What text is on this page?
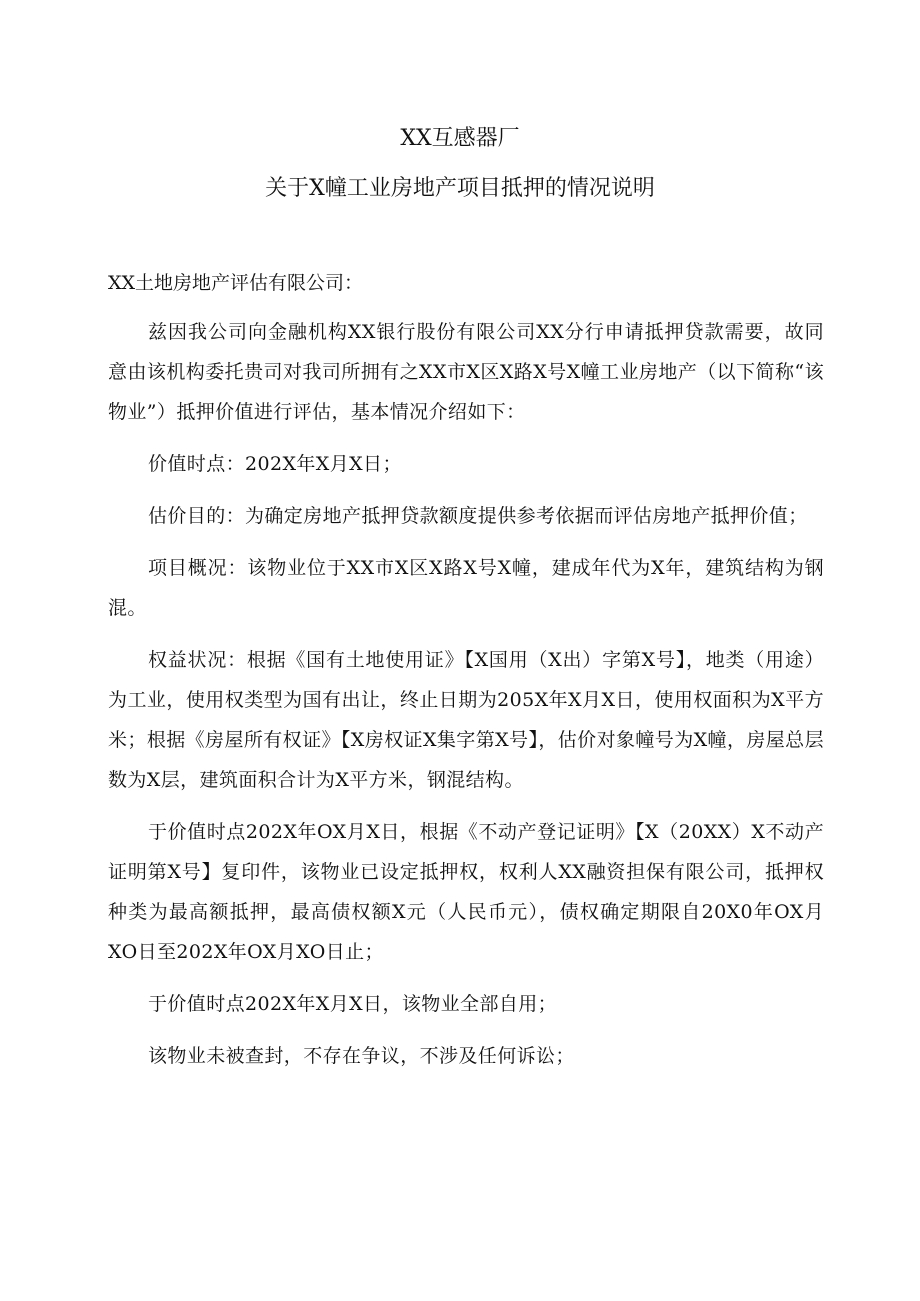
XX互感器厂
关于X幢工业房地产项目抵押的情况说明
XX土地房地产评估有限公司：

兹因我公司向金融机构XX银行股份有限公司XX分行申请抵押贷款需要，故同意由该机构委托贵司对我司所拥有之XX市X区X路X号X幢工业房地产（以下简称“该物业”）抵押价值进行评估，基本情况介绍如下：

价值时点：202X年X月X日；

估价目的：为确定房地产抵押贷款额度提供参考依据而评估房地产抵押价值；

项目概况：该物业位于XX市X区X路X号X幢，建成年代为X年，建筑结构为钢混。

权益状况：根据《国有土地使用证》【X国用（X出）字第X号】，地类（用途）为工业，使用权类型为国有出让，终止日期为205X年X月X日，使用权面积为X平方米；根据《房屋所有权证》【X房权证X集字第X号】，估价对象幢号为X幢，房屋总层数为X层，建筑面积合计为X平方米，钢混结构。

于价值时点202X年OX月X日，根据《不动产登记证明》【X（20XX）X不动产证明第X号】复印件，该物业已设定抵押权，权利人XX融资担保有限公司，抵押权种类为最高额抵押，最高债权额X元（人民币元），债权确定期限自20X0年OX月XO日至202X年OX月XO日止；

于价值时点202X年X月X日，该物业全部自用；

该物业未被查封，不存在争议，不涉及任何诉讼；
